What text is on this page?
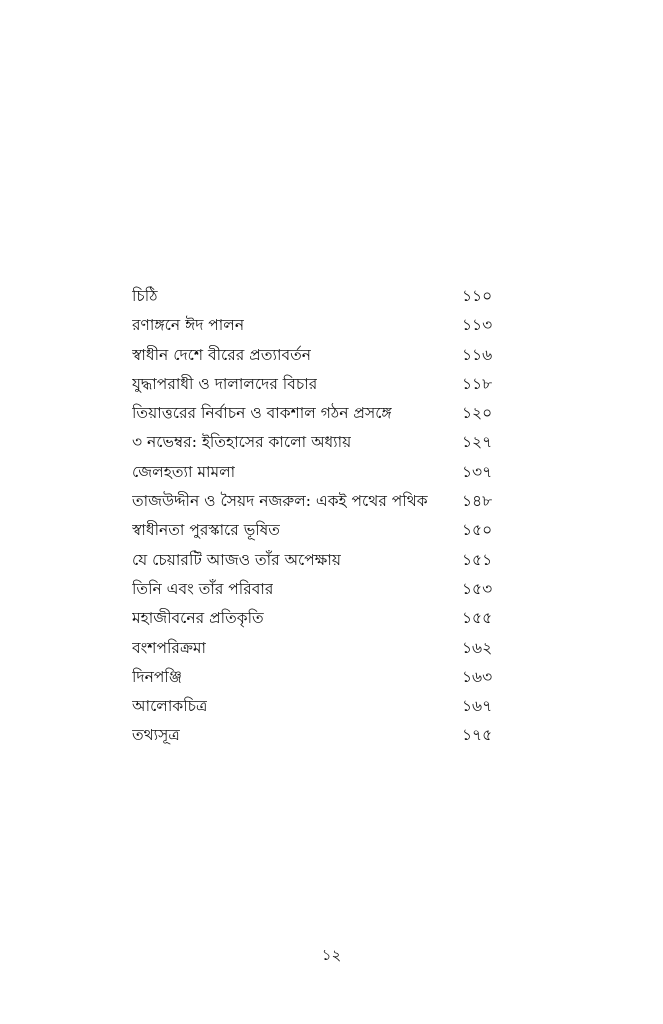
চিঠি	১১০
রণাঙ্গনে ঈদ পালন	১১৩
স্বাধীন দেশে বীরের প্রত্যাবর্তন	১১৬
যুদ্ধাপরাধী ও দালালদের বিচার	১১৮
তিয়াত্তরের নির্বাচন ও বাকশাল গঠন প্রসঙ্গে	১২০
৩ নভেম্বর: ইতিহাসের কালো অধ্যায়	১২৭
জেলহত্যা মামলা	১৩৭
তাজউদ্দীন ও সৈয়দ নজরুল: একই পথের পথিক ১৪৮
স্বাধীনতা পুরস্কারে ভূষিত	১৫০
যে চেয়ারটি আজও তাঁর অপেক্ষায়	১৫১
তিনি এবং তাঁর পরিবার	১৫৩
মহাজীবনের প্রতিকৃতি	১৫৫
বংশপরিক্রমা	১৬২
দিনপঞ্জি	১৬৩
আলোকচিত্র	১৬৭
তথ্যসূত্র	১৭৫
১২
